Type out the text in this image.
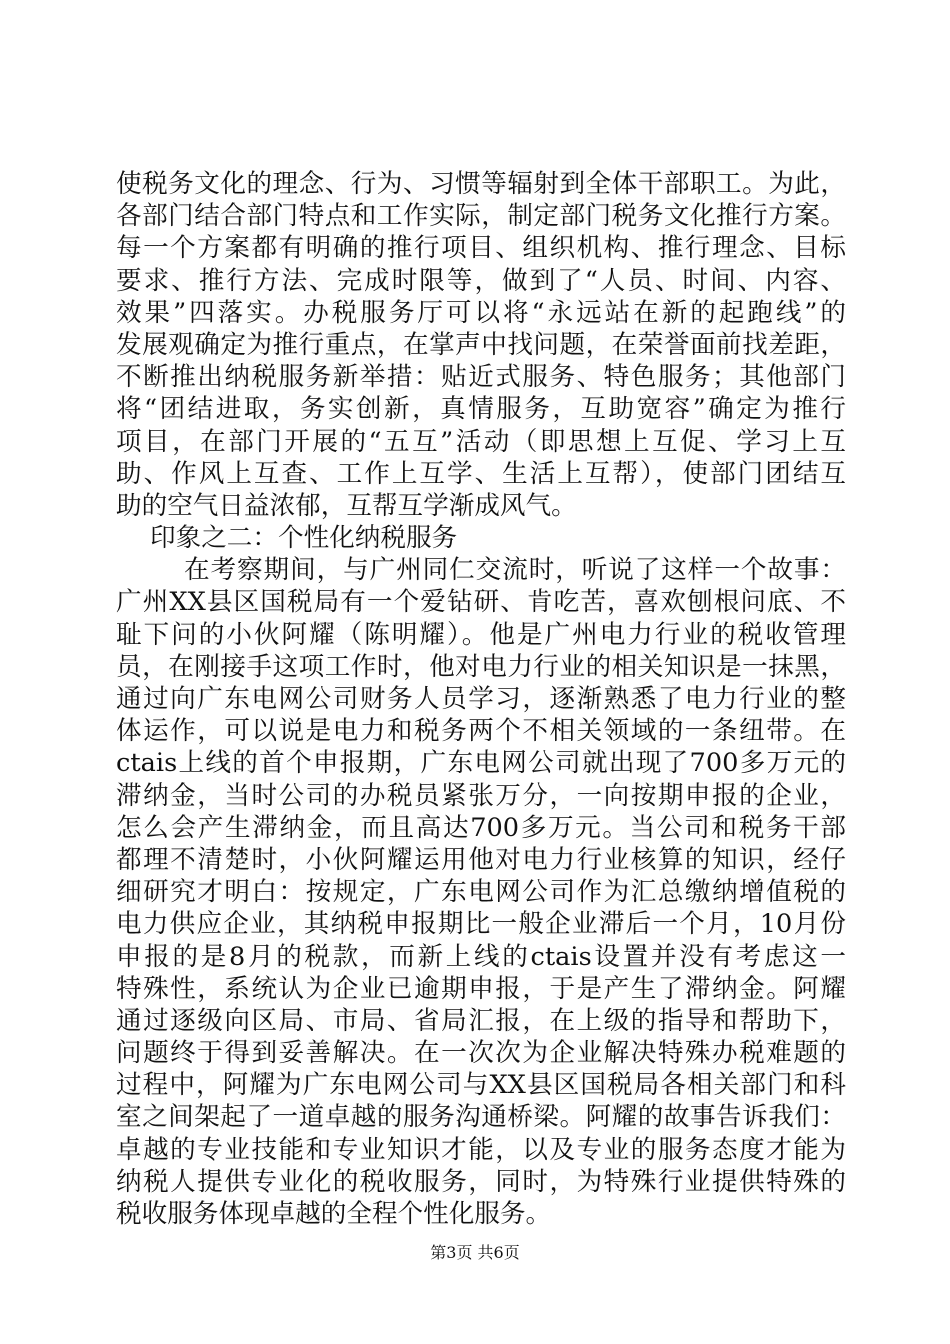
使税务文化的理念、行为、习惯等辐射到全体干部职工。为此，
各部门结合部门特点和工作实际，制定部门税务文化推行方案。
每一个方案都有明确的推行项目、组织机构、推行理念、目标
要求、推行方法、完成时限等，做到了“人员、时间、内容、
效果”四落实。办税服务厅可以将“永远站在新的起跑线”的
发展观确定为推行重点，在掌声中找问题，在荣誉面前找差距，
不断推出纳税服务新举措：贴近式服务、特色服务；其他部门
将“团结进取，务实创新，真情服务，互助宽容”确定为推行
项目，在部门开展的“五互”活动（即思想上互促、学习上互
助、作风上互查、工作上互学、生活上互帮），使部门团结互
助的空气日益浓郁，互帮互学渐成风气。
印象之二：个性化纳税服务
在考察期间，与广州同仁交流时，听说了这样一个故事：
广州XX县区国税局有一个爱钻研、肯吃苦，喜欢刨根问底、不
耻下问的小伙阿耀（陈明耀）。他是广州电力行业的税收管理
员，在刚接手这项工作时，他对电力行业的相关知识是一抹黑，
通过向广东电网公司财务人员学习，逐渐熟悉了电力行业的整
体运作，可以说是电力和税务两个不相关领域的一条纽带。在
ctais上线的首个申报期，广东电网公司就出现了700多万元的
滞纳金，当时公司的办税员紧张万分，一向按期申报的企业，
怎么会产生滞纳金，而且高达700多万元。当公司和税务干部
都理不清楚时，小伙阿耀运用他对电力行业核算的知识，经仔
细研究才明白：按规定，广东电网公司作为汇总缴纳增值税的
电力供应企业，其纳税申报期比一般企业滞后一个月，10月份
申报的是8月的税款，而新上线的ctais设置并没有考虑这一
特殊性，系统认为企业已逾期申报，于是产生了滞纳金。阿耀
通过逐级向区局、市局、省局汇报，在上级的指导和帮助下，
问题终于得到妥善解决。在一次次为企业解决特殊办税难题的
过程中，阿耀为广东电网公司与XX县区国税局各相关部门和科
室之间架起了一道卓越的服务沟通桥梁。阿耀的故事告诉我们：
卓越的专业技能和专业知识才能，以及专业的服务态度才能为
纳税人提供专业化的税收服务，同时，为特殊行业提供特殊的
税收服务体现卓越的全程个性化服务。
第3页 共6页
